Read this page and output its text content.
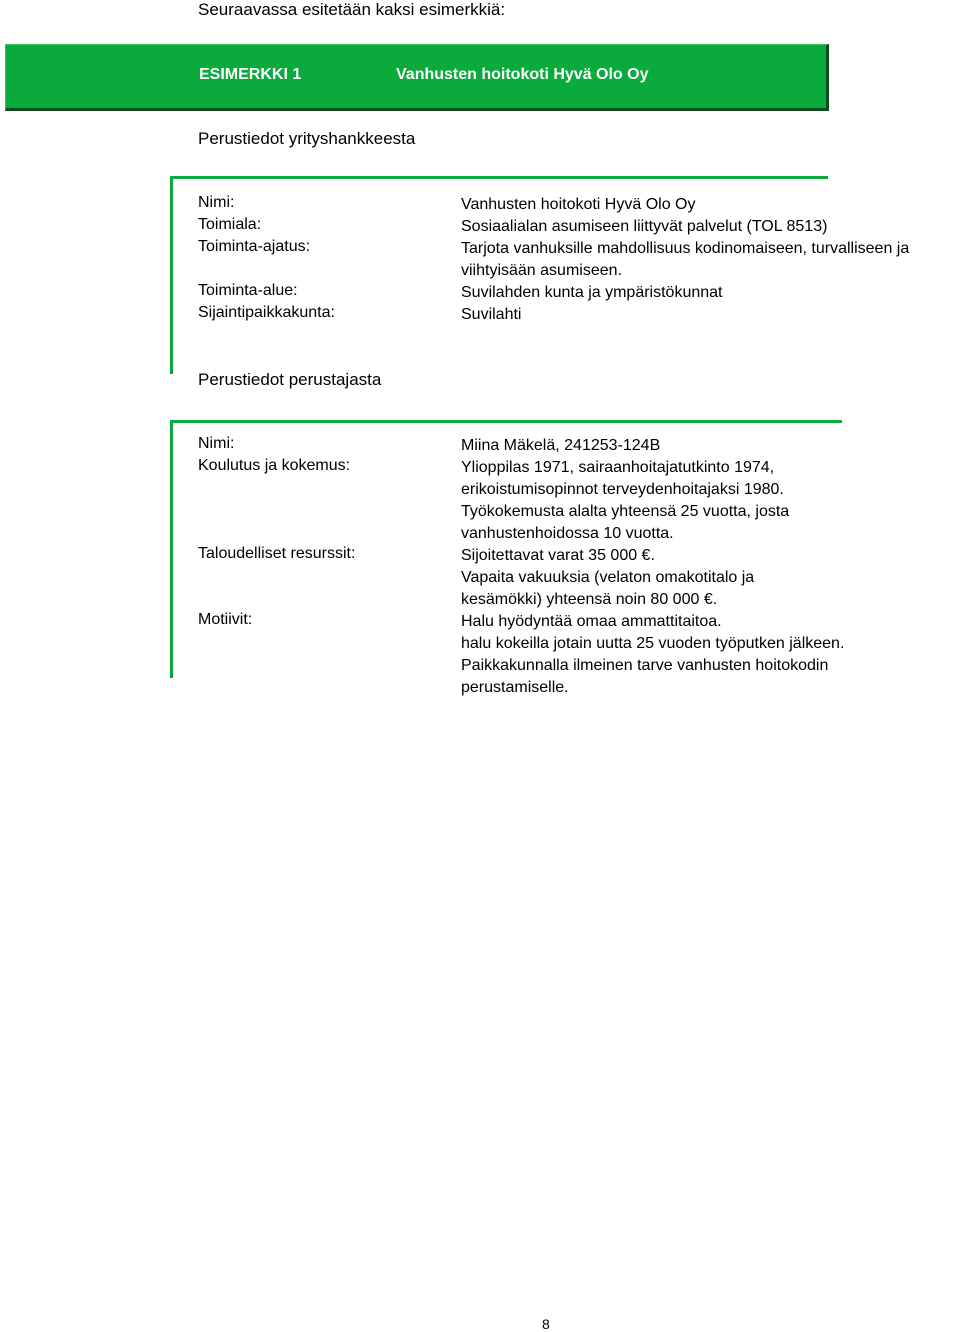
Seuraavassa esitetään kaksi esimerkkiä:
ESIMERKKI 1	Vanhusten hoitokoti Hyvä Olo Oy
Perustiedot yrityshankkeesta
Nimi:	Vanhusten hoitokoti Hyvä Olo Oy
Toimiala:	Sosiaalialan asumiseen liittyvät palvelut (TOL 8513)
Toiminta-ajatus:	Tarjota vanhuksille mahdollisuus kodinomaiseen, turvalliseen ja
viihtyisään asumiseen.
Toiminta-alue:	Suvilahden kunta ja ympäristökunnat
Sijaintipaikkakunta:	Suvilahti
Perustiedot perustajasta
Nimi:	Miina Mäkelä, 241253-124B
Koulutus ja kokemus:	Ylioppilas 1971, sairaanhoitajatutkinto 1974,
erikoistumisopinnot terveydenhoitajaksi 1980.
Työkokemusta alalta yhteensä 25 vuotta, josta
vanhustenhoidossa 10 vuotta.
Taloudelliset resurssit:	Sijoitettavat varat 35 000 €.
Vapaita vakuuksia (velaton omakotitalo ja
kesämökki) yhteensä noin 80 000 €.
Motiivit:	Halu hyödyntää omaa ammattitaitoa.
halu kokeilla jotain uutta 25 vuoden työputken jälkeen.
Paikkakunnalla ilmeinen tarve vanhusten hoitokodin
perustamiselle.
8
